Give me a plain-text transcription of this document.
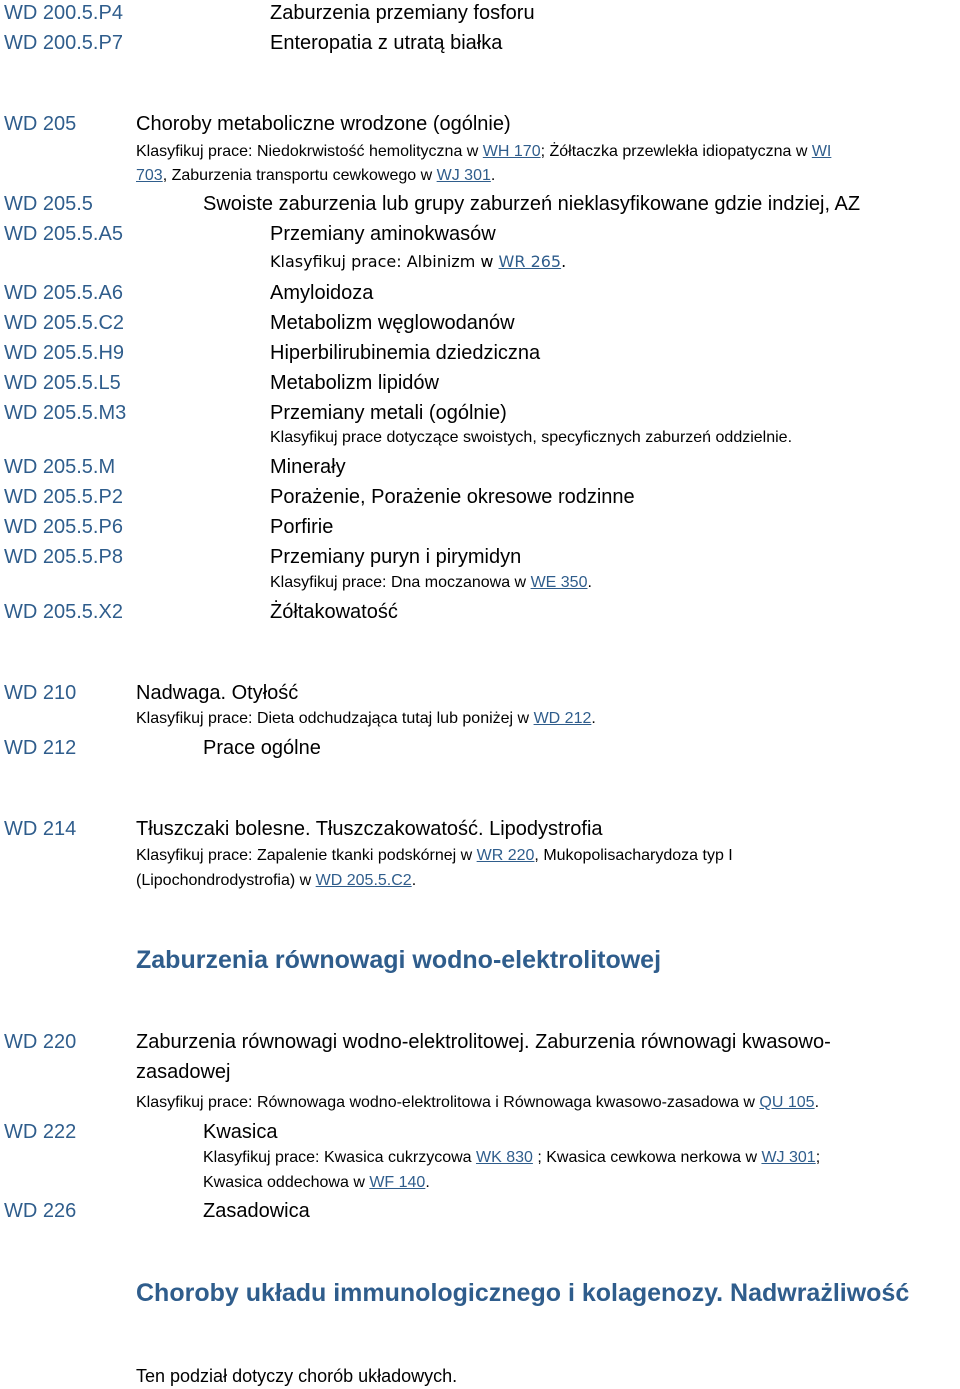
WD 200.5.P4	Zaburzenia przemiany fosforu
WD 200.5.P7	Enteropatia z utratą białka
WD 205	Choroby metaboliczne wrodzone (ogólnie)
Klasyfikuj prace: Niedokrwistość hemolityczna w WH 170; Żółtaczka przewlekła idiopatyczna w WI
703, Zaburzenia transportu cewkowego w WJ 301.
WD 205.5	Swoiste zaburzenia lub grupy zaburzeń nieklasyfikowane gdzie indziej, AZ
WD 205.5.A5	Przemiany aminokwasów
Klasyfikuj prace: Albinizm w WR 265.
WD 205.5.A6	Amyloidoza
WD 205.5.C2	Metabolizm węglowodanów
WD 205.5.H9	Hiperbilirubinemia dziedziczna
WD 205.5.L5	Metabolizm lipidów
WD 205.5.M3	Przemiany metali (ogólnie)
Klasyfikuj prace dotyczące swoistych, specyficznych zaburzeń oddzielnie.
WD 205.5.M	Minerały
WD 205.5.P2	Porażenie, Porażenie okresowe rodzinne
WD 205.5.P6	Porfirie
WD 205.5.P8	Przemiany puryn i pirymidyn
Klasyfikuj prace: Dna moczanowa w WE 350.
WD 205.5.X2	Żółtakowatość
WD 210	Nadwaga. Otyłość
Klasyfikuj prace: Dieta odchudzająca tutaj lub poniżej w WD 212.
WD 212	Prace ogólne
WD 214	Tłuszczaki bolesne. Tłuszczakowatość. Lipodystrofia
Klasyfikuj prace: Zapalenie tkanki podskórnej w WR 220, Mukopolisacharydoza typ I
(Lipochondrodystrofia) w WD 205.5.C2.
Zaburzenia równowagi wodno-elektrolitowej
WD 220	Zaburzenia równowagi wodno-elektrolitowej. Zaburzenia równowagi kwasowo-
zasadowej
Klasyfikuj prace: Równowaga wodno-elektrolitowa i Równowaga kwasowo-zasadowa w QU 105.
WD 222	Kwasica
Klasyfikuj prace: Kwasica cukrzycowa WK 830 ; Kwasica cewkowa nerkowa w WJ 301;
Kwasica oddechowa w WF 140.
WD 226	Zasadowica
Choroby układu immunologicznego i kolagenozy. Nadwrażliwość
Ten podział dotyczy chorób układowych.
